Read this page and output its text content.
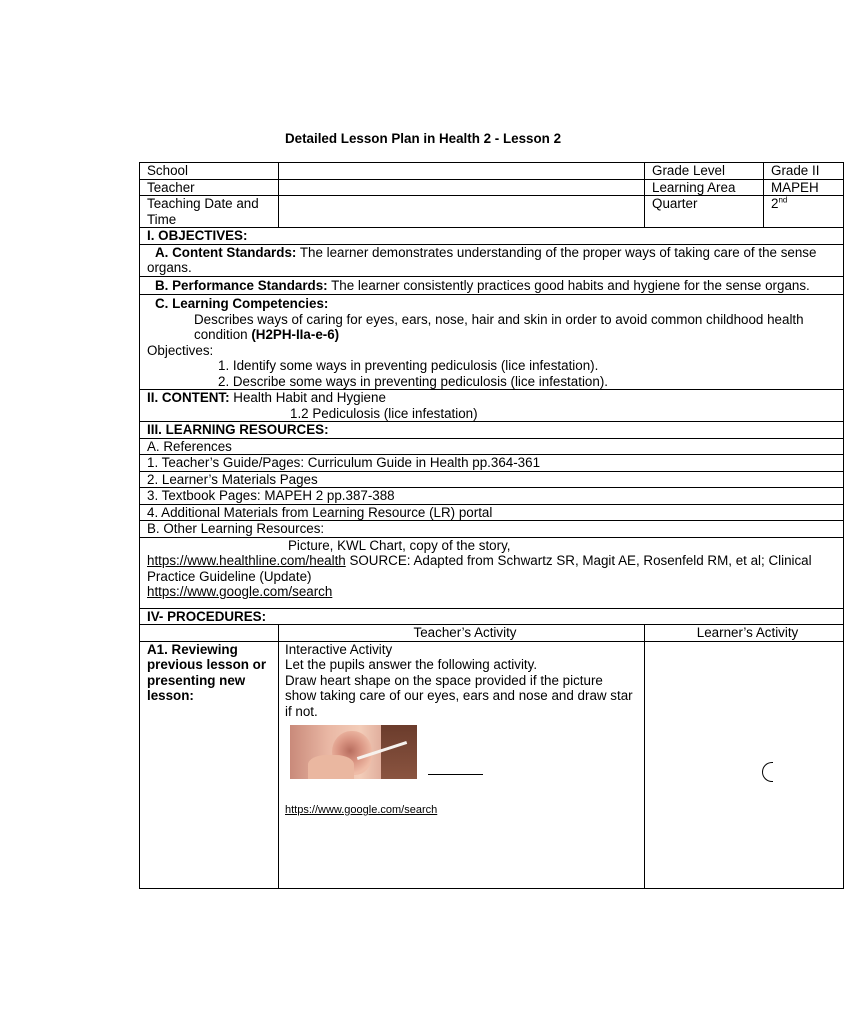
Detailed Lesson Plan in Health 2 - Lesson 2
School		Grade Level	Grade II
Teacher		Learning Area	MAPEH
Teaching Date and Time		Quarter	2nd
I. OBJECTIVES:			
A. Content Standards: The learner demonstrates understanding of the proper ways of taking care of the sense organs.			
B. Performance Standards: The learner consistently practices good habits and hygiene for the sense organs.			

C. Learning Competencies:
Describes ways of caring for eyes, ears, nose, hair and skin in order to avoid common childhood health condition (H2PH-IIa-e-6)
Objectives:
1. Identify some ways in preventing pediculosis (lice infestation).
2. Describe some ways in preventing pediculosis (lice infestation).			

II. CONTENT: Health Habit and Hygiene
1.2 Pediculosis (lice infestation)			

III. LEARNING RESOURCES:			
A. References			
1. Teacher’s Guide/Pages: Curriculum Guide in Health pp.364-361			
2. Learner’s Materials Pages			
3. Textbook Pages: MAPEH 2 pp.387-388			
4. Additional Materials from Learning Resource (LR) portal			
B. Other Learning Resources:			

Picture, KWL Chart, copy of the story,
https://www.healthline.com/health SOURCE: Adapted from Schwartz SR, Magit AE, Rosenfeld RM, et al; Clinical Practice Guideline (Update)
https://www.google.com/search			

IV- PROCEDURES:			
	Teacher’s Activity	Learner’s Activity	
A1. Reviewing previous lesson or presenting new lesson:	Interactive Activity
Let the pupils answer the following activity.
Draw heart shape on the space provided if the picture show taking care of our eyes, ears and nose and draw star if not.
https://www.google.com/search		
